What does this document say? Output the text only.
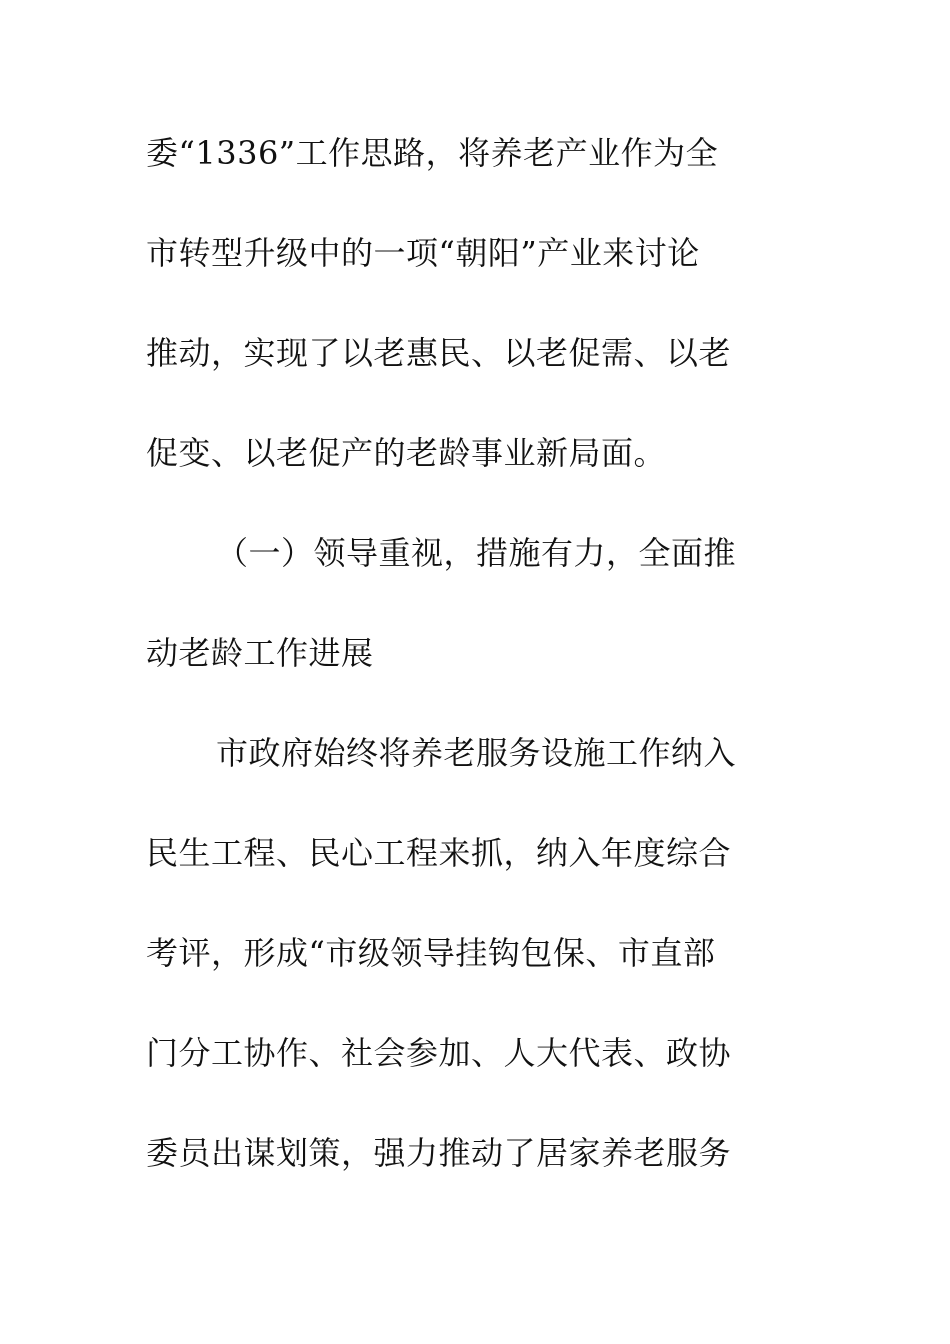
委“1336”工作思路，将养老产业作为全
市转型升级中的一项“朝阳”产业来讨论
推动，实现了以老惠民、以老促需、以老
促变、以老促产的老龄事业新局面。
（一）领导重视，措施有力，全面推
动老龄工作进展
市政府始终将养老服务设施工作纳入
民生工程、民心工程来抓，纳入年度综合
考评，形成“市级领导挂钩包保、市直部
门分工协作、社会参加、人大代表、政协
委员出谋划策，强力推动了居家养老服务
